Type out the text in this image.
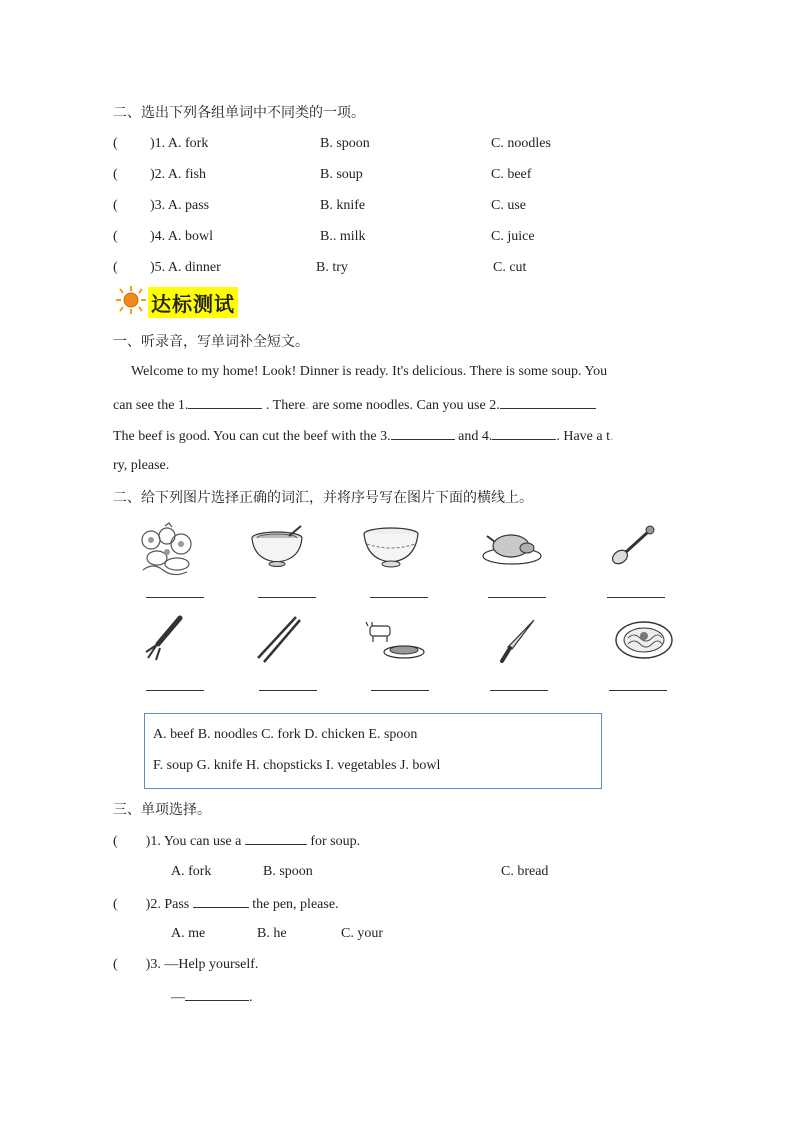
二、选出下列各组单词中不同类的一项。
( )1. A. fork	B. spoon	C. noodles
( )2. A. fish	B. soup	C. beef
( )3. A. pass	B. knife	C. use
( )4. A. bowl	B.. milk	C. juice
( )5. A. dinner	B. try	C. cut
达标测试
一、听录音，写单词补全短文。
Welcome to my home! Look! Dinner is ready. It's delicious. There is some soup. You
can see the 1.	. There. are some noodles. Can you use 2.
The beef is good. You can cut the beef with the 3.	and 4.	. Have a t.
ry, please.
二、给下列图片选择正确的词汇，并将序号写在图片下面的横线上。
A. beef B. noodles C. fork D. chicken E. spoon
F. soup G. knife H. chopsticks I. vegetables J. bowl
三、单项选择。
( )1. You can use a	for soup.
A. fork	B. spoon	C. bread
( )2. Pass	the pen, please.
A. me	B. he	C. your
( )3. —Help yourself.
—	.
